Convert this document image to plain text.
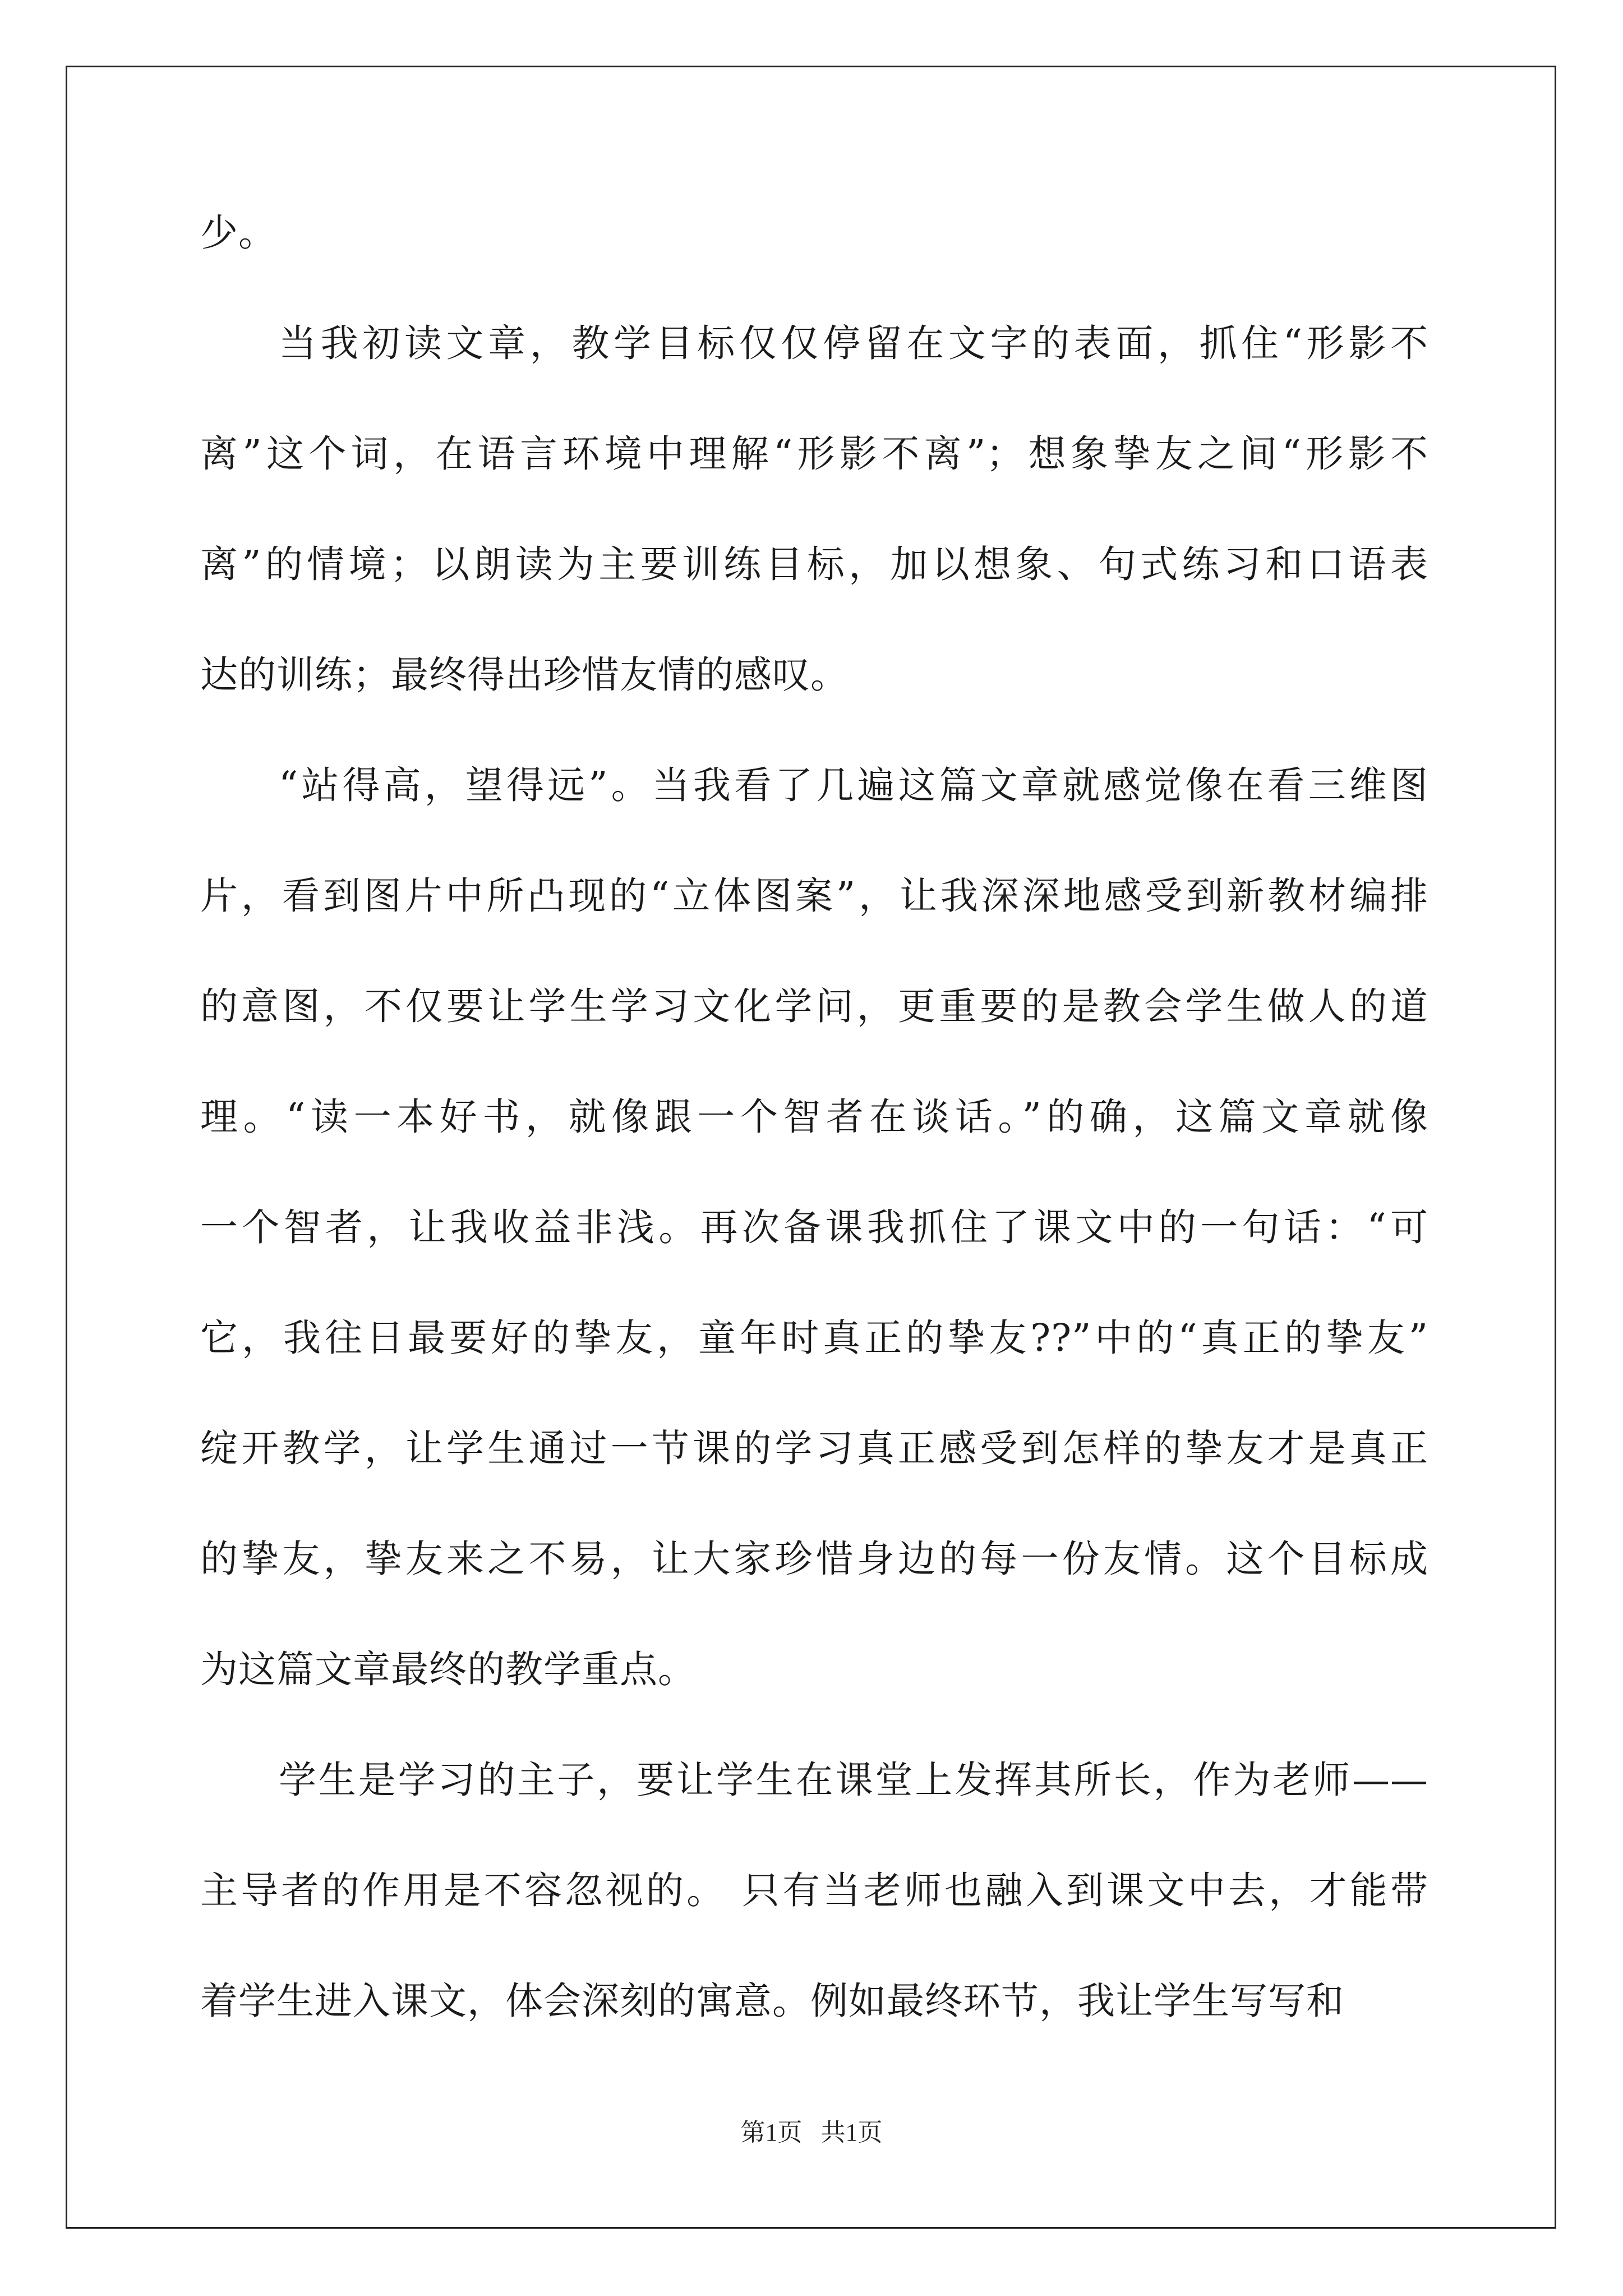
少。
当我初读文章，教学目标仅仅停留在文字的表面，抓住“形影不
离”这个词，在语言环境中理解“形影不离”；想象挚友之间“形影不
离”的情境；以朗读为主要训练目标，加以想象、句式练习和口语表
达的训练；最终得出珍惜友情的感叹。
“站得高，望得远”。当我看了几遍这篇文章就感觉像在看三维图
片，看到图片中所凸现的“立体图案”，让我深深地感受到新教材编排
的意图，不仅要让学生学习文化学问，更重要的是教会学生做人的道
理。“读一本好书，就像跟一个智者在谈话。”的确，这篇文章就像
一个智者，让我收益非浅。再次备课我抓住了课文中的一句话：“可
它，我往日最要好的挚友，童年时真正的挚友??”中的“真正的挚友”
绽开教学，让学生通过一节课的学习真正感受到怎样的挚友才是真正
的挚友，挚友来之不易，让大家珍惜身边的每一份友情。这个目标成
为这篇文章最终的教学重点。
学生是学习的主子，要让学生在课堂上发挥其所长，作为老师——
主导者的作用是不容忽视的。 只有当老师也融入到课文中去，才能带
着学生进入课文，体会深刻的寓意。例如最终环节，我让学生写写和
第1页 共1页
